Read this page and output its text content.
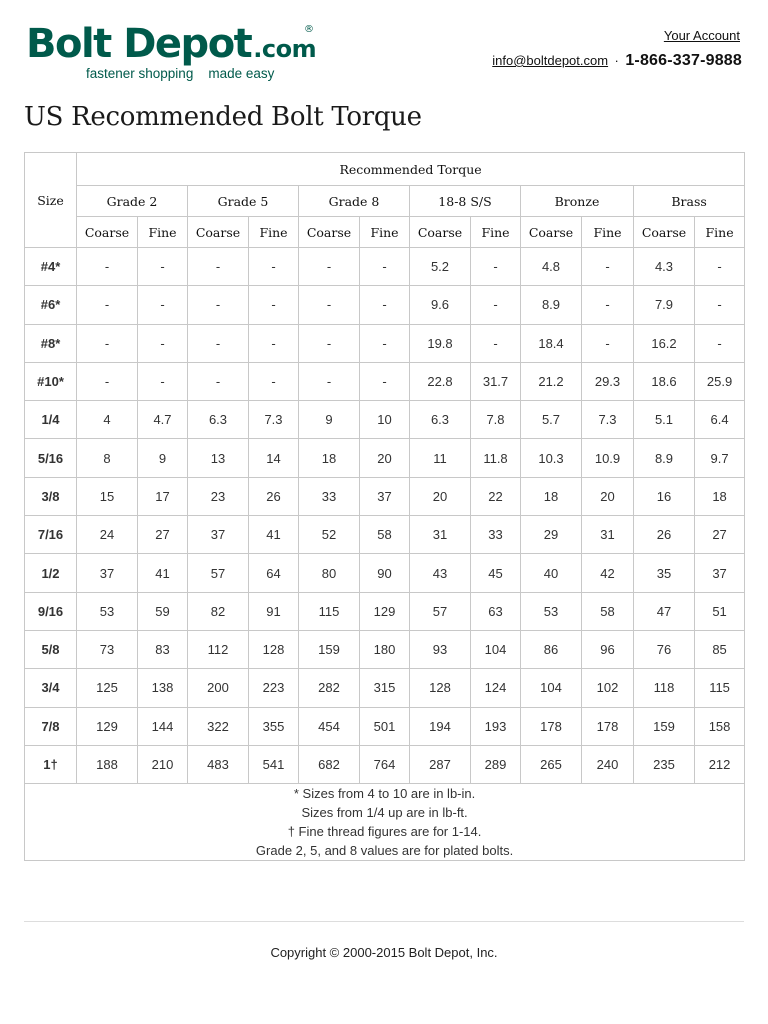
Bolt Depot.com
®
fastener shopping    made easy
Your Account
info@boltdepot.com · 1-866-337-9888
US Recommended Bolt Torque
Size	Recommended Torque											
	Grade 2		Grade 5		Grade 8		18-8 S/S		Bronze		Brass	
	Coarse	Fine	Coarse	Fine	Coarse	Fine	Coarse	Fine	Coarse	Fine	Coarse	Fine
#4*	-	-	-	-	-	-	5.2	-	4.8	-	4.3	-
#6*	-	-	-	-	-	-	9.6	-	8.9	-	7.9	-
#8*	-	-	-	-	-	-	19.8	-	18.4	-	16.2	-
#10*	-	-	-	-	-	-	22.8	31.7	21.2	29.3	18.6	25.9
1/4	4	4.7	6.3	7.3	9	10	6.3	7.8	5.7	7.3	5.1	6.4
5/16	8	9	13	14	18	20	11	11.8	10.3	10.9	8.9	9.7
3/8	15	17	23	26	33	37	20	22	18	20	16	18
7/16	24	27	37	41	52	58	31	33	29	31	26	27
1/2	37	41	57	64	80	90	43	45	40	42	35	37
9/16	53	59	82	91	115	129	57	63	53	58	47	51
5/8	73	83	112	128	159	180	93	104	86	96	76	85
3/4	125	138	200	223	282	315	128	124	104	102	118	115
7/8	129	144	322	355	454	501	194	193	178	178	159	158
1†	188	210	483	541	682	764	287	289	265	240	235	212

* Sizes from 4 to 10 are in lb-in.
Sizes from 1/4 up are in lb-ft.
† Fine thread figures are for 1-14.
Grade 2, 5, and 8 values are for plated bolts.												
Copyright © 2000-2015 Bolt Depot, Inc.
